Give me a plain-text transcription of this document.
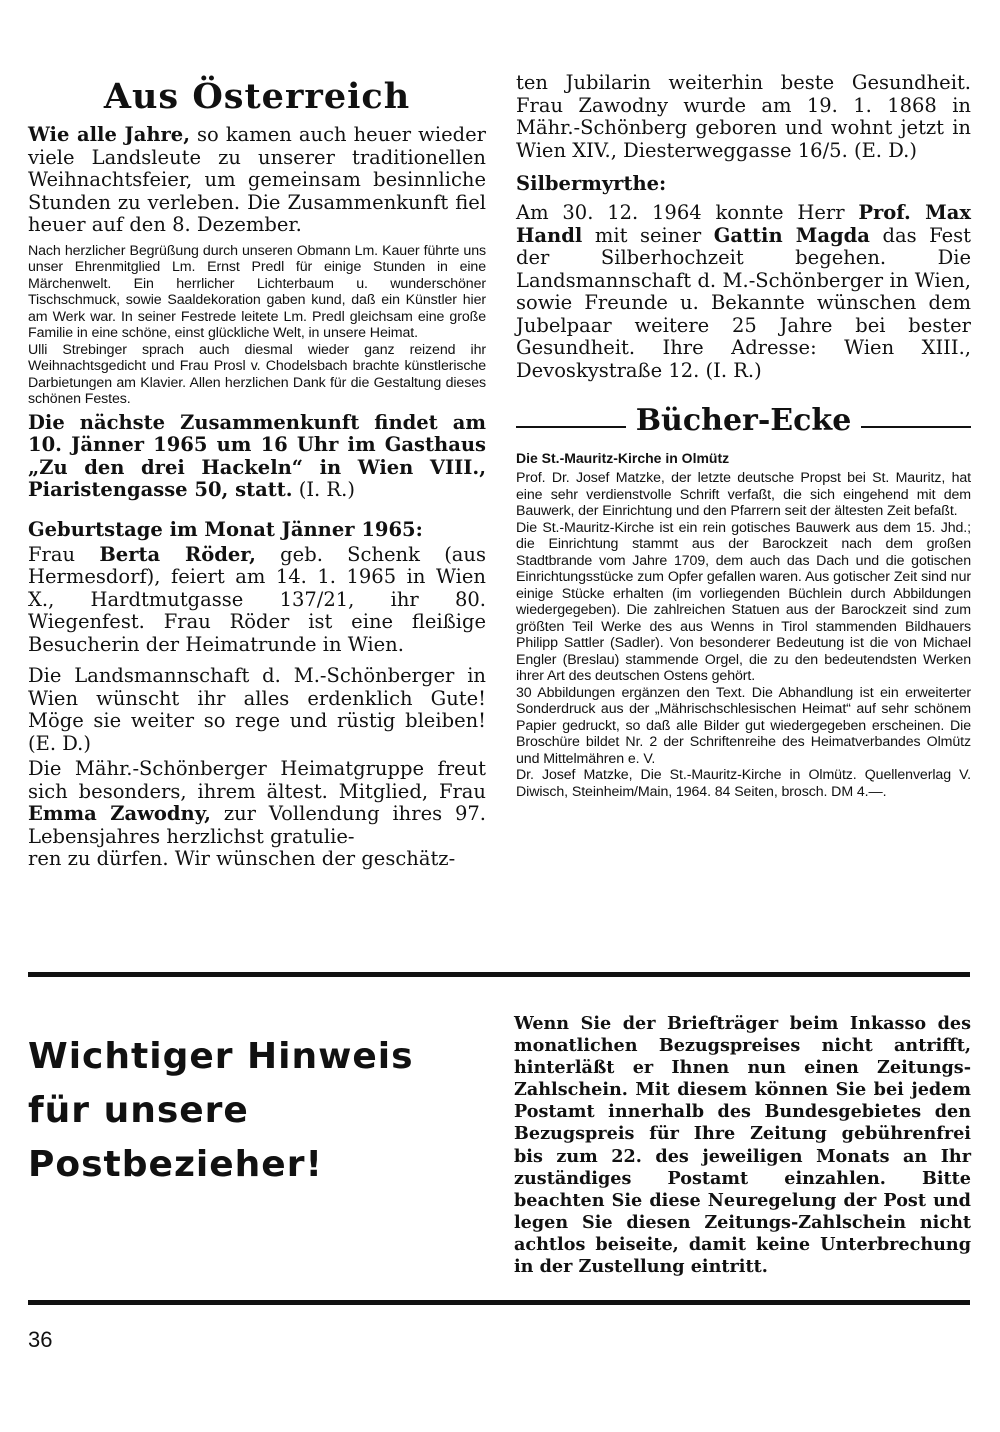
Aus Österreich

Wie alle Jahre, so kamen auch heuer wieder viele Landsleute zu unserer traditionellen Weihnachtsfeier, um gemeinsam besinnliche Stunden zu verleben. Die Zusammenkunft fiel heuer auf den 8. Dezember.

Nach herzlicher Begrüßung durch unseren Obmann Lm. Kauer führte uns unser Ehrenmitglied Lm. Ernst Predl für einige Stunden in eine Märchenwelt. Ein herrlicher Lichterbaum u. wunderschöner Tischschmuck, sowie Saaldekoration gaben kund, daß ein Künstler hier am Werk war. In seiner Festrede leitete Lm. Predl gleichsam eine große Familie in eine schöne, einst glückliche Welt, in unsere Heimat.

Ulli Strebinger sprach auch diesmal wieder ganz reizend ihr Weihnachtsgedicht und Frau Prosl v. Chodelsbach brachte künstlerische Darbietungen am Klavier. Allen herzlichen Dank für die Gestaltung dieses schönen Festes.

Die nächste Zusammenkunft findet am 10. Jänner 1965 um 16 Uhr im Gasthaus „Zu den drei Hackeln“ in Wien VIII., Piaristengasse 50, statt. (I. R.)

Geburtstage im Monat Jänner 1965:

Frau Berta Röder, geb. Schenk (aus Hermesdorf), feiert am 14. 1. 1965 in Wien X., Hardtmutgasse 137/21, ihr 80. Wiegenfest. Frau Röder ist eine fleißige Besucherin der Heimatrunde in Wien.

Die Landsmannschaft d. M.-Schönberger in Wien wünscht ihr alles erdenklich Gute! Möge sie weiter so rege und rüstig bleiben! (E. D.)

Die Mähr.-Schönberger Heimatgruppe freut sich besonders, ihrem ältest. Mitglied, Frau Emma Zawodny, zur Vollendung ihres 97. Lebensjahres herzlichst gratulie-
ren zu dürfen. Wir wünschen der geschätz-

ten Jubilarin weiterhin beste Gesundheit. Frau Zawodny wurde am 19. 1. 1868 in Mähr.-Schönberg geboren und wohnt jetzt in Wien XIV., Diesterweggasse 16/5. (E. D.)

Silbermyrthe:

Am 30. 12. 1964 konnte Herr Prof. Max Handl mit seiner Gattin Magda das Fest der Silberhochzeit begehen. Die Landsmannschaft d. M.-Schönberger in Wien, sowie Freunde u. Bekannte wünschen dem Jubelpaar weitere 25 Jahre bei bester Gesundheit. Ihre Adresse: Wien XIII., Devoskystraße 12. (I. R.)

Bücher-Ecke
Die St.-Mauritz-Kirche in Olmütz

Prof. Dr. Josef Matzke, der letzte deutsche Propst bei St. Mauritz, hat eine sehr verdienstvolle Schrift verfaßt, die sich eingehend mit dem Bauwerk, der Einrichtung und den Pfarrern seit der ältesten Zeit befaßt.

Die St.-Mauritz-Kirche ist ein rein gotisches Bauwerk aus dem 15. Jhd.; die Einrichtung stammt aus der Barockzeit nach dem großen Stadtbrande vom Jahre 1709, dem auch das Dach und die gotischen Einrichtungsstücke zum Opfer gefallen waren. Aus gotischer Zeit sind nur einige Stücke erhalten (im vorliegenden Büchlein durch Abbildungen wiedergegeben). Die zahlreichen Statuen aus der Barockzeit sind zum größten Teil Werke des aus Wenns in Tirol stammenden Bildhauers Philipp Sattler (Sadler). Von besonderer Bedeutung ist die von Michael Engler (Breslau) stammende Orgel, die zu den bedeutendsten Werken ihrer Art des deutschen Ostens gehört.

30 Abbildungen ergänzen den Text. Die Abhandlung ist ein erweiterter Sonderdruck aus der „Mährischschlesischen Heimat“ auf sehr schönem Papier gedruckt, so daß alle Bilder gut wiedergegeben erscheinen. Die Broschüre bildet Nr. 2 der Schriftenreihe des Heimatverbandes Olmütz und Mittelmähren e. V.

Dr. Josef Matzke, Die St.-Mauritz-Kirche in Olmütz. Quellenverlag V. Diwisch, Steinheim/Main, 1964. 84 Seiten, brosch. DM 4.—.

Wichtiger Hinweis
für unsere
Postbezieher!

Wenn Sie der Briefträger beim Inkasso des monatlichen Bezugspreises nicht antrifft, hinterläßt er Ihnen nun einen Zeitungs-Zahlschein. Mit diesem können Sie bei jedem Postamt innerhalb des Bundesgebietes den Bezugspreis für Ihre Zeitung gebührenfrei bis zum 22. des jeweiligen Monats an Ihr zuständiges Postamt einzahlen. Bitte beachten Sie diese Neuregelung der Post und legen Sie diesen Zeitungs-Zahlschein nicht achtlos beiseite, damit keine Unterbrechung in der Zustellung eintritt.

36
